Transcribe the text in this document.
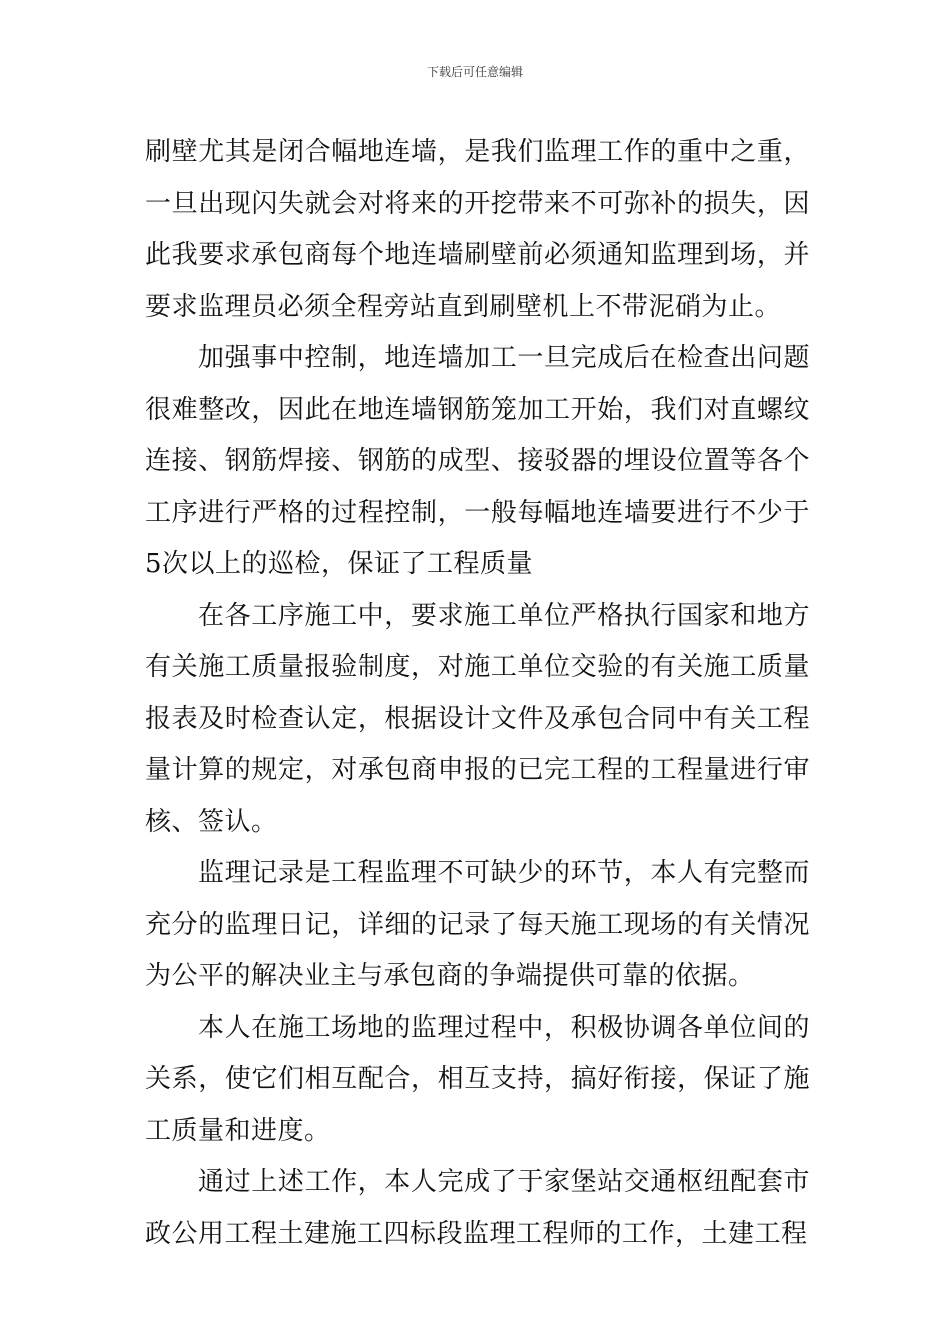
下载后可任意编辑

刷壁尤其是闭合幅地连墙，是我们监理工作的重中之重，一旦出现闪失就会对将来的开挖带来不可弥补的损失，因此我要求承包商每个地连墙刷壁前必须通知监理到场，并要求监理员必须全程旁站直到刷壁机上不带泥硝为止。

加强事中控制，地连墙加工一旦完成后在检查出问题很难整改，因此在地连墙钢筋笼加工开始，我们对直螺纹连接、钢筋焊接、钢筋的成型、接驳器的埋设位置等各个工序进行严格的过程控制，一般每幅地连墙要进行不少于5次以上的巡检，保证了工程质量

在各工序施工中，要求施工单位严格执行国家和地方有关施工质量报验制度，对施工单位交验的有关施工质量报表及时检查认定，根据设计文件及承包合同中有关工程量计算的规定，对承包商申报的已完工程的工程量进行审核、签认。

监理记录是工程监理不可缺少的环节，本人有完整而充分的监理日记，详细的记录了每天施工现场的有关情况为公平的解决业主与承包商的争端提供可靠的依据。

本人在施工场地的监理过程中，积极协调各单位间的关系，使它们相互配合，相互支持，搞好衔接，保证了施工质量和进度。

通过上述工作，本人完成了于家堡站交通枢纽配套市政公用工程土建施工四标段监理工程师的工作，土建工程
